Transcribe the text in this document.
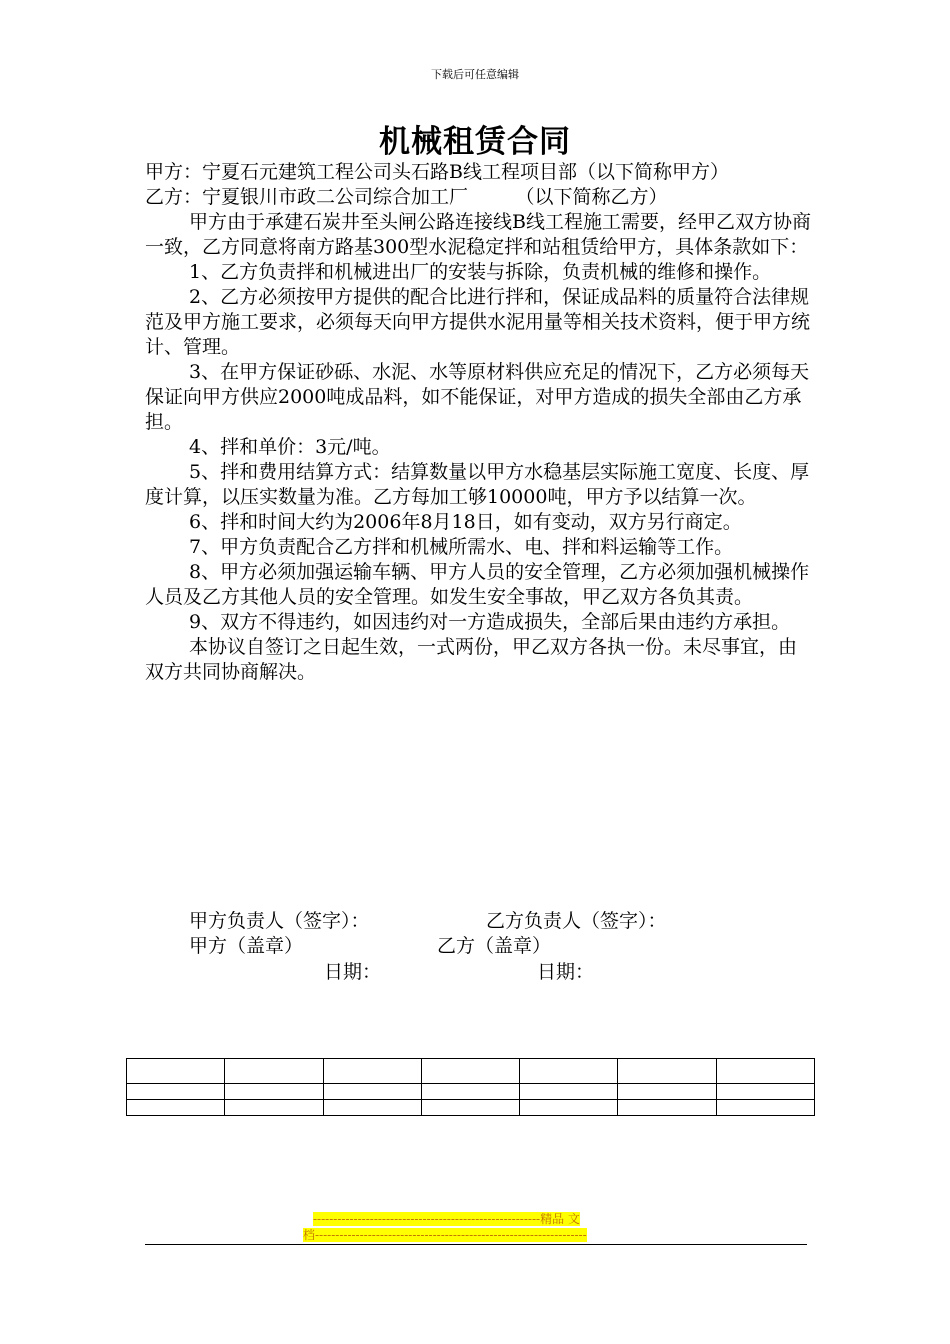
下载后可任意编辑
机械租赁合同

甲方：宁夏石元建筑工程公司头石路B线工程项目部（以下简称甲方）

乙方：宁夏银川市政二公司综合加工厂　　　（以下简称乙方）

甲方由于承建石炭井至头闸公路连接线B线工程施工需要，经甲乙双方协商一致，乙方同意将南方路基300型水泥稳定拌和站租赁给甲方，具体条款如下：

1、乙方负责拌和机械进出厂的安装与拆除，负责机械的维修和操作。

2、乙方必须按甲方提供的配合比进行拌和，保证成品料的质量符合法律规范及甲方施工要求，必须每天向甲方提供水泥用量等相关技术资料，便于甲方统计、管理。

3、在甲方保证砂砾、水泥、水等原材料供应充足的情况下，乙方必须每天保证向甲方供应2000吨成品料，如不能保证，对甲方造成的损失全部由乙方承担。

4、拌和单价：3元/吨。

5、拌和费用结算方式：结算数量以甲方水稳基层实际施工宽度、长度、厚度计算，以压实数量为准。乙方每加工够10000吨，甲方予以结算一次。

6、拌和时间大约为2006年8月18日，如有变动，双方另行商定。

7、甲方负责配合乙方拌和机械所需水、电、拌和料运输等工作。

8、甲方必须加强运输车辆、甲方人员的安全管理，乙方必须加强机械操作人员及乙方其他人员的安全管理。如发生安全事故，甲乙双方各负其责。

9、双方不得违约，如因违约对一方造成损失，全部后果由违约方承担。

本协议自签订之日起生效，一式两份，甲乙双方各执一份。未尽事宜，由双方共同协商解决。

甲方负责人（签字）：	乙方负责人（签字）：
甲方（盖章）	乙方（盖章）
日期：	日期：

--------------------------------------------------------精品 文
档-------------------------------------------------------------------
